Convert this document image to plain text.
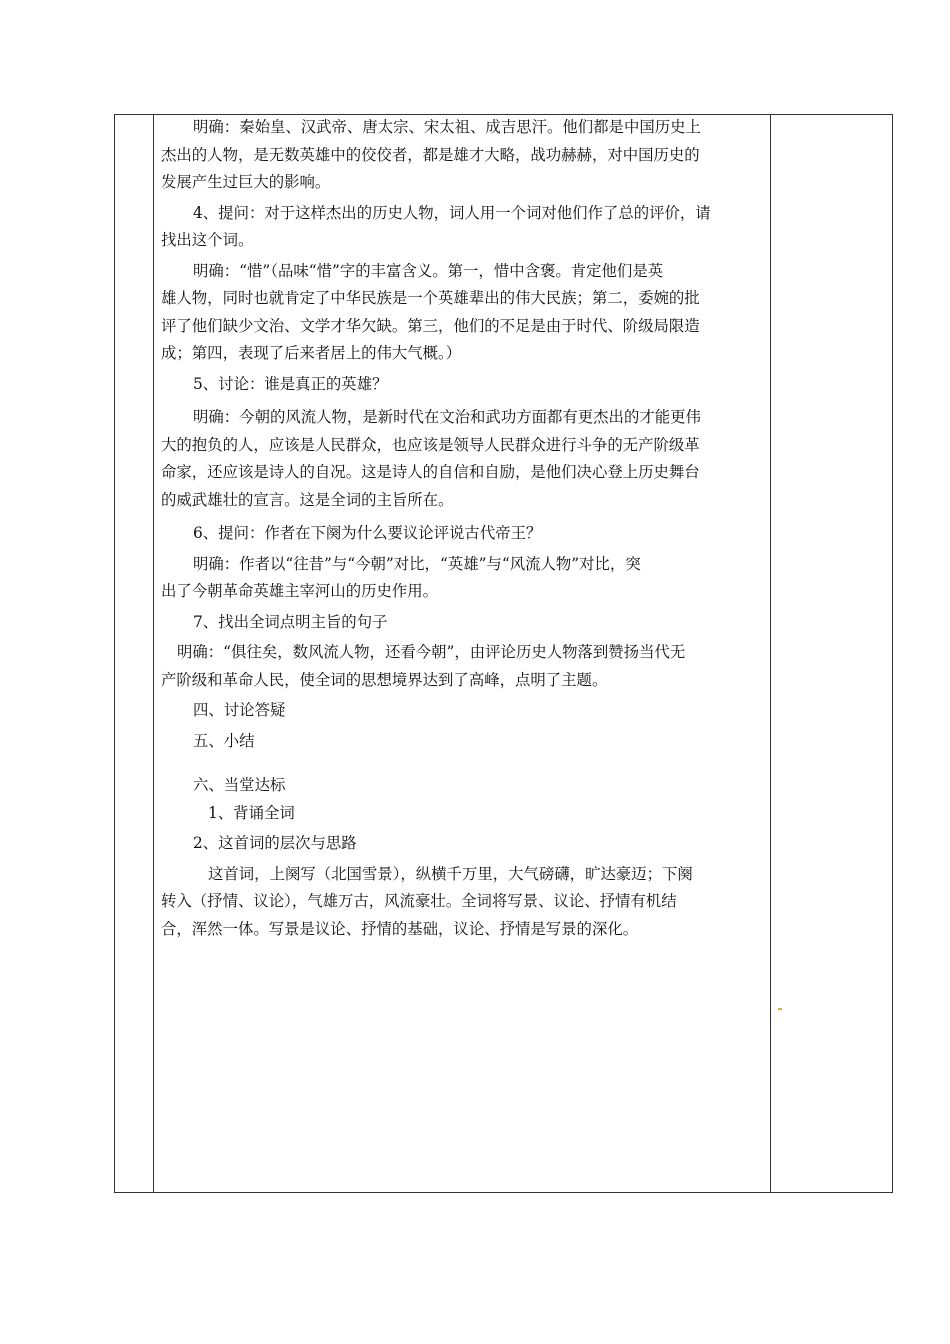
明确：秦始皇、汉武帝、唐太宗、宋太祖、成吉思汗。他们都是中国历史上

杰出的人物，是无数英雄中的佼佼者，都是雄才大略，战功赫赫，对中国历史的

发展产生过巨大的影响。

4、提问：对于这样杰出的历史人物，词人用一个词对他们作了总的评价，请

找出这个词。

明确：“惜”（品味“惜”字的丰富含义。第一，惜中含褒。肯定他们是英

雄人物，同时也就肯定了中华民族是一个英雄辈出的伟大民族；第二，委婉的批

评了他们缺少文治、文学才华欠缺。第三，他们的不足是由于时代、阶级局限造

成；第四，表现了后来者居上的伟大气概。）

5、讨论：谁是真正的英雄？

明确：今朝的风流人物，是新时代在文治和武功方面都有更杰出的才能更伟

大的抱负的人，应该是人民群众，也应该是领导人民群众进行斗争的无产阶级革

命家，还应该是诗人的自况。这是诗人的自信和自励，是他们决心登上历史舞台

的威武雄壮的宣言。这是全词的主旨所在。

6、提问：作者在下阕为什么要议论评说古代帝王？

明确：作者以“往昔”与“今朝”对比，“英雄”与“风流人物”对比，突

出了今朝革命英雄主宰河山的历史作用。

7、找出全词点明主旨的句子

明确：“俱往矣，数风流人物，还看今朝”，由评论历史人物落到赞扬当代无

产阶级和革命人民，使全词的思想境界达到了高峰，点明了主题。

四、讨论答疑

五、小结

六、当堂达标

1、背诵全词

2、这首词的层次与思路

这首词，上阕写（北国雪景），纵横千万里，大气磅礴，旷达豪迈；下阕

转入（抒情、议论），气雄万古，风流豪壮。全词将写景、议论、抒情有机结

合，浑然一体。写景是议论、抒情的基础，议论、抒情是写景的深化。
